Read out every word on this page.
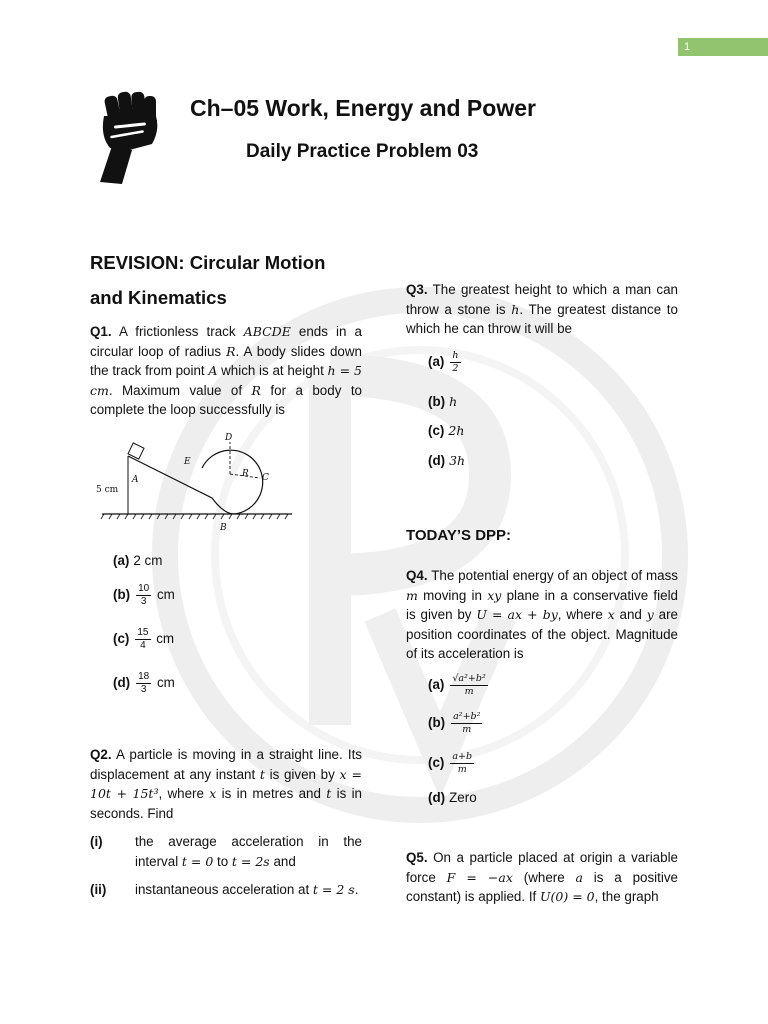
1
Ch–05 Work, Energy and Power
Daily Practice Problem 03
REVISION: Circular Motion
and Kinematics
Q1. A frictionless track ABCDE ends in a circular loop of radius R. A body slides down the track from point A which is at height h = 5 cm. Maximum value of R for a body to complete the loop successfully is
A
B
C
D
E
R
5 cm
(a) 2 cm
$(b) \frac{10}{3}$ cm
$(c) \frac{15}{4}$ cm
$(d) \frac{18}{3}$ cm
Q2. A particle is moving in a straight line. Its displacement at any instant t is given by x = 10t + 15t³, where x is in metres and t is in seconds. Find
(i) the average acceleration in the interval t = 0 to t = 2s and
(ii) instantaneous acceleration at t = 2 s.
Q3. The greatest height to which a man can throw a stone is h. The greatest distance to which he can throw it will be
$(a) \frac{h}{2}$
(b) h
(c) 2h
(d) 3h
TODAY’S DPP:
Q4. The potential energy of an object of mass m moving in xy plane in a conservative field is given by U = ax + by, where x and y are position coordinates of the object. Magnitude of its acceleration is
$(a) \frac{\text{√a²+b²}}{m}$
$(b) \frac{\text{a²+b²}}{m}$
$(c) \frac{a+b}{m}$
(d) Zero
Q5. On a particle placed at origin a variable force F = −ax (where a is a positive constant) is applied. If U(0) = 0, the graph
